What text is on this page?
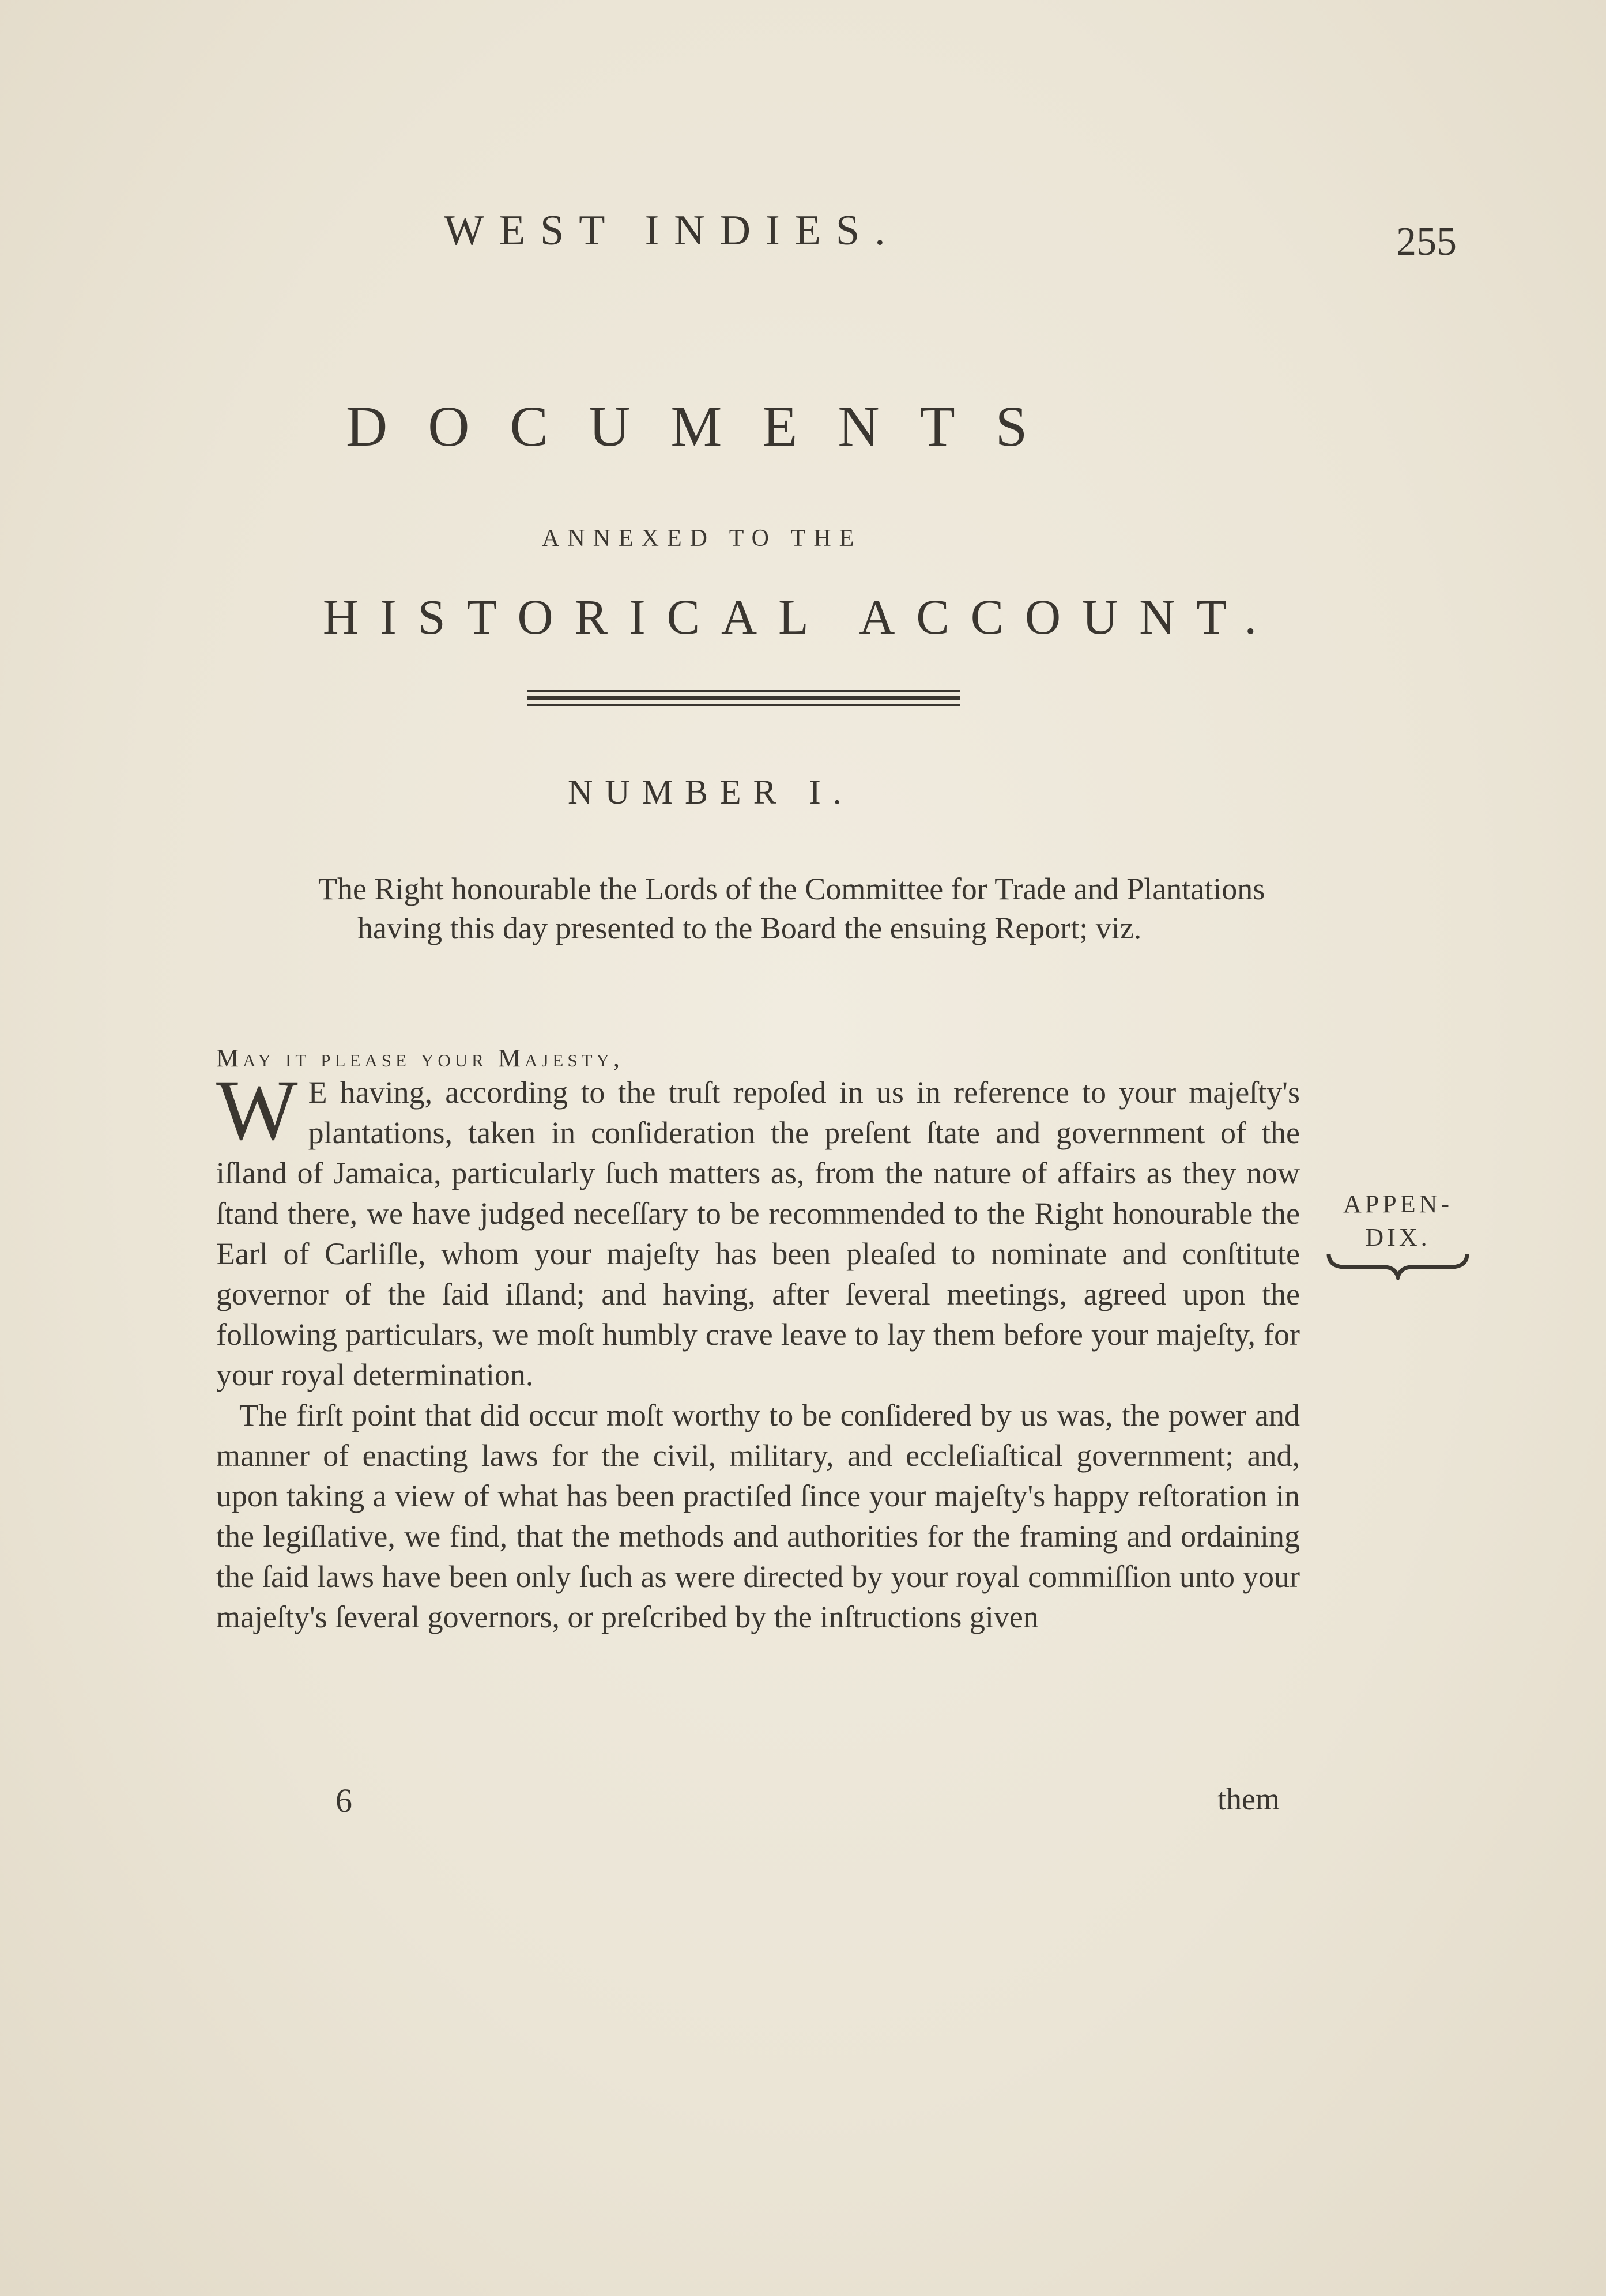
WEST INDIES.	255
DOCUMENTS
ANNEXED TO THE
HISTORICAL ACCOUNT.
NUMBER I.

The Right honourable the Lords of the Committee for Trade and Plantations having this day presented to the Board the ensuing Report; viz.

May it please your Majesty,

W E having, according to the truſt repoſed in us in reference to your majeſty's plantations, taken in conſideration the preſent ſtate and government of the iſland of Jamaica, particularly ſuch matters as, from the nature of affairs as they now ſtand there, we have judged neceſſary to be recommended to the Right honourable the Earl of Carliſle, whom your majeſty has been pleaſed to nominate and conſtitute governor of the ſaid iſland; and having, after ſeveral meetings, agreed upon the following particulars, we moſt humbly crave leave to lay them before your majeſty, for your royal determination.

The firſt point that did occur moſt worthy to be conſidered by us was, the power and manner of enacting laws for the civil, military, and eccleſiaſtical government; and, upon taking a view of what has been practiſed ſince your majeſty's happy reſtoration in the legiſlative, we find, that the methods and authorities for the framing and ordaining the ſaid laws have been only ſuch as were directed by your royal commiſſion unto your majeſty's ſeveral governors, or preſcribed by the inſtructions given

APPEN-
DIX.
6	them
